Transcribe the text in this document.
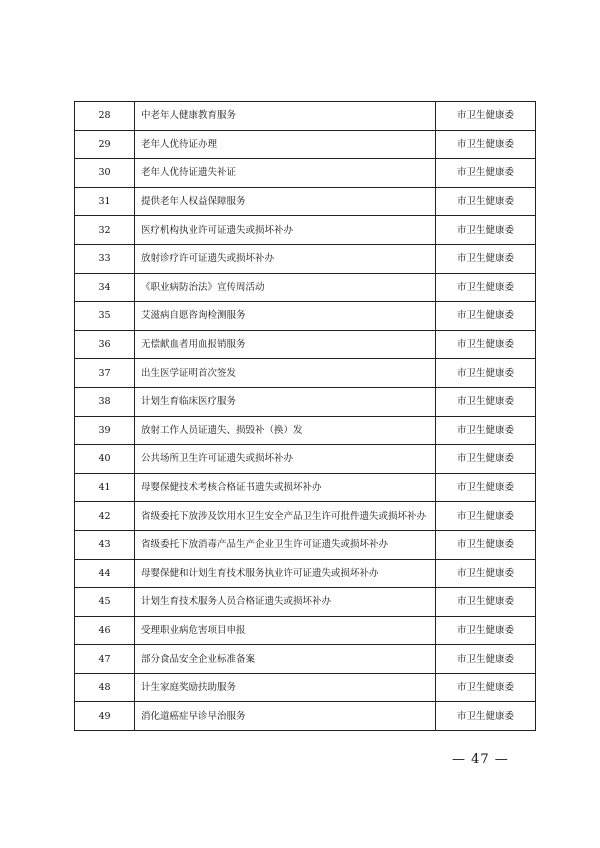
28	中老年人健康教育服务	市卫生健康委
29	老年人优待证办理	市卫生健康委
30	老年人优待证遗失补证	市卫生健康委
31	提供老年人权益保障服务	市卫生健康委
32	医疗机构执业许可证遗失或损坏补办	市卫生健康委
33	放射诊疗许可证遗失或损坏补办	市卫生健康委
34	《职业病防治法》宣传周活动	市卫生健康委
35	艾滋病自愿咨询检测服务	市卫生健康委
36	无偿献血者用血报销服务	市卫生健康委
37	出生医学证明首次签发	市卫生健康委
38	计划生育临床医疗服务	市卫生健康委
39	放射工作人员证遗失、损毁补（换）发	市卫生健康委
40	公共场所卫生许可证遗失或损坏补办	市卫生健康委
41	母婴保健技术考核合格证书遗失或损坏补办	市卫生健康委
42	省级委托下放涉及饮用水卫生安全产品卫生许可批件遗失或损坏补办	市卫生健康委
43	省级委托下放消毒产品生产企业卫生许可证遗失或损坏补办	市卫生健康委
44	母婴保健和计划生育技术服务执业许可证遗失或损坏补办	市卫生健康委
45	计划生育技术服务人员合格证遗失或损坏补办	市卫生健康委
46	受理职业病危害项目申报	市卫生健康委
47	部分食品安全企业标准备案	市卫生健康委
48	计生家庭奖励扶助服务	市卫生健康委
49	消化道癌症早诊早治服务	市卫生健康委
— 47 —
